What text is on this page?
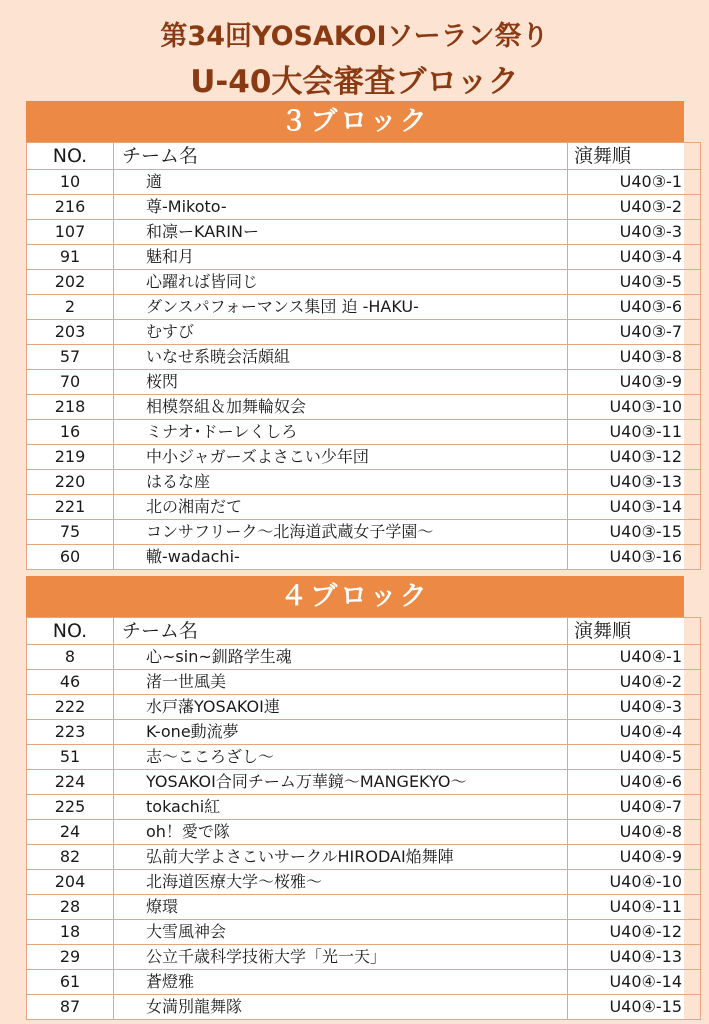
第34回YOSAKOIソーラン祭り
U-40大会審査ブロック
３ブロック
NO.	チーム名	演舞順
10	適	U40③-1
216	尊-Mikoto-	U40③-2
107	和凛ーKARINー	U40③-3
91	魅和月	U40③-4
202	心躍れば皆同じ	U40③-5
2	ダンスパフォーマンス集団 迫 -HAKU-	U40③-6
203	むすび	U40③-7
57	いなせ系暁会活頗組	U40③-8
70	桜閃	U40③-9
218	相模祭組＆加舞輪奴会	U40③-10
16	ミナオ･ドーレくしろ	U40③-11
219	中小ジャガーズよさこい少年団	U40③-12
220	はるな座	U40③-13
221	北の湘南だて	U40③-14
75	コンサフリーク～北海道武蔵女子学園～	U40③-15
60	轍-wadachi-	U40③-16
４ブロック
NO.	チーム名	演舞順
8	心~sin~釧路学生魂	U40④-1
46	渚一世風美	U40④-2
222	水戸藩YOSAKOI連	U40④-3
223	K-one動流夢	U40④-4
51	志～こころざし～	U40④-5
224	YOSAKOI合同チーム万華鏡～MANGEKYO～	U40④-6
225	tokachi紅	U40④-7
24	oh！愛で隊	U40④-8
82	弘前大学よさこいサークルHIRODAI焔舞陣	U40④-9
204	北海道医療大学～桜雅～	U40④-10
28	燎環	U40④-11
18	大雪風神会	U40④-12
29	公立千歳科学技術大学「光一天」	U40④-13
61	蒼燈雅	U40④-14
87	女満別龍舞隊	U40④-15
